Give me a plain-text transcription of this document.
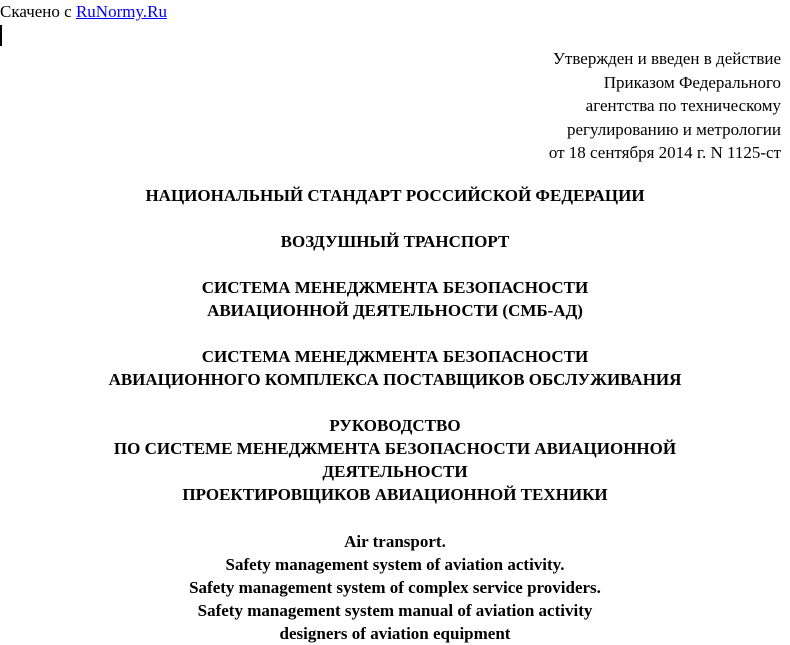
Скачено с RuNormy.Ru
Утвержден и введен в действие
Приказом Федерального
агентства по техническому
регулированию и метрологии
от 18 сентября 2014 г. N 1125-ст
НАЦИОНАЛЬНЫЙ СТАНДАРТ РОССИЙСКОЙ ФЕДЕРАЦИИ
ВОЗДУШНЫЙ ТРАНСПОРТ
СИСТЕМА МЕНЕДЖМЕНТА БЕЗОПАСНОСТИ
АВИАЦИОННОЙ ДЕЯТЕЛЬНОСТИ (СМБ-АД)
СИСТЕМА МЕНЕДЖМЕНТА БЕЗОПАСНОСТИ
АВИАЦИОННОГО КОМПЛЕКСА ПОСТАВЩИКОВ ОБСЛУЖИВАНИЯ
РУКОВОДСТВО
ПО СИСТЕМЕ МЕНЕДЖМЕНТА БЕЗОПАСНОСТИ АВИАЦИОННОЙ
ДЕЯТЕЛЬНОСТИ
ПРОЕКТИРОВЩИКОВ АВИАЦИОННОЙ ТЕХНИКИ
Air transport.
Safety management system of aviation activity.
Safety management system of complex service providers.
Safety management system manual of aviation activity
designers of aviation equipment
